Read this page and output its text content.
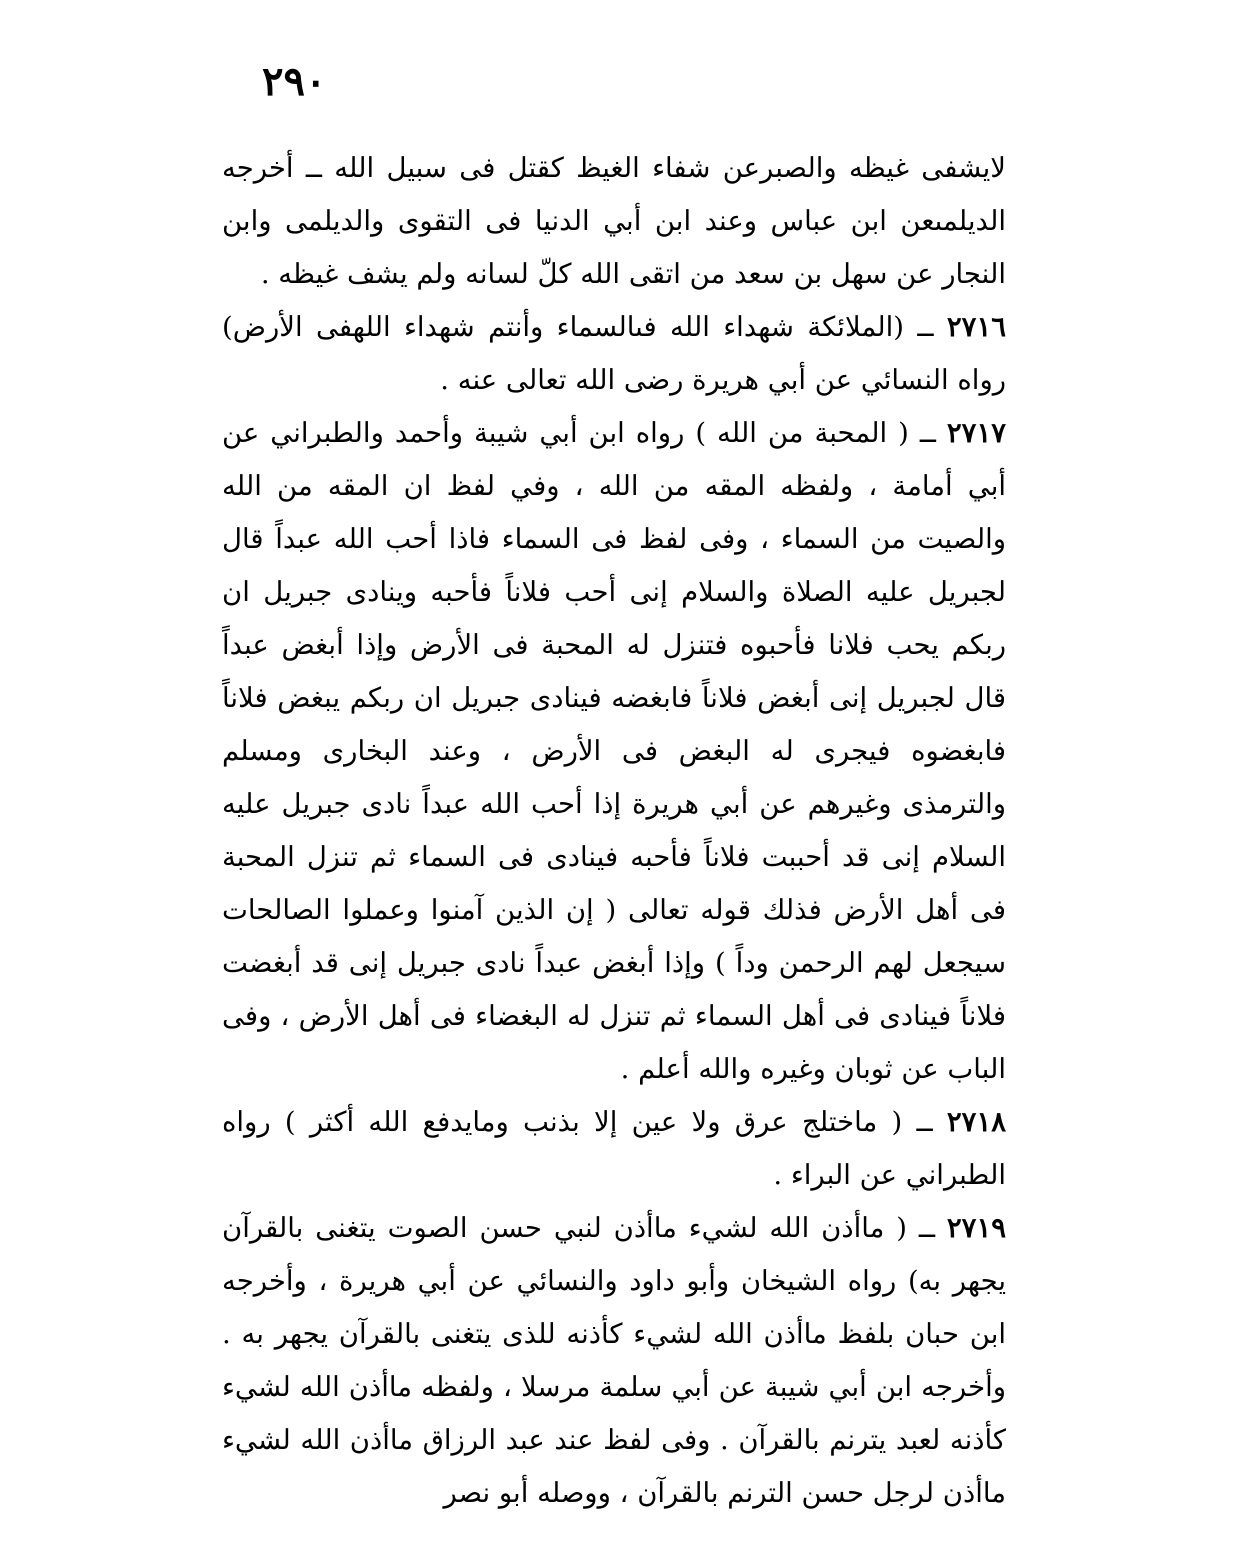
٢٩٠

لايشفى غيظه والصبرعن شفاء الغيظ كقتل فى سبيل الله ــ أخرجه الديلمىعن ابن عباس وعند ابن أبي الدنيا فى التقوى والديلمى وابن النجار عن سهل بن سعد من اتقى الله كلّ لسانه ولم يشف غيظه .

٢٧١٦ ــ (الملائكة شهداء الله فىالسماء وأنتم شهداء اللهفى الأرض) رواه النسائي عن أبي هريرة رضى الله تعالى عنه .

٢٧١٧ ــ ( المحبة من الله ) رواه ابن أبي شيبة وأحمد والطبراني عن أبي أمامة ، ولفظه المقه من الله ، وفي لفظ ان المقه من الله والصيت من السماء ، وفى لفظ فى السماء فاذا أحب الله عبداً قال لجبريل عليه الصلاة والسلام إنى أحب فلاناً فأحبه وينادى جبريل ان ربكم يحب فلانا فأحبوه فتنزل له المحبة فى الأرض وإذا أبغض عبداً قال لجبريل إنى أبغض فلاناً فابغضه فينادى جبريل ان ربكم يبغض فلاناً فابغضوه فيجرى له البغض فى الأرض ، وعند البخارى ومسلم والترمذى وغيرهم عن أبي هريرة إذا أحب الله عبداً نادى جبريل عليه السلام إنى قد أحببت فلاناً فأحبه فينادى فى السماء ثم تنزل المحبة فى أهل الأرض فذلك قوله تعالى ( إن الذين آمنوا وعملوا الصالحات سيجعل لهم الرحمن وداً ) وإذا أبغض عبداً نادى جبريل إنى قد أبغضت فلاناً فينادى فى أهل السماء ثم تنزل له البغضاء فى أهل الأرض ، وفى الباب عن ثوبان وغيره والله أعلم .

٢٧١٨ ــ ( ماختلج عرق ولا عين إلا بذنب ومايدفع الله أكثر ) رواه الطبراني عن البراء .

٢٧١٩ ــ ( ماأذن الله لشيء ماأذن لنبي حسن الصوت يتغنى بالقرآن يجهر به) رواه الشيخان وأبو داود والنسائي عن أبي هريرة ، وأخرجه ابن حبان بلفظ ماأذن الله لشيء كأذنه للذى يتغنى بالقرآن يجهر به . وأخرجه ابن أبي شيبة عن أبي سلمة مرسلا ، ولفظه ماأذن الله لشيء كأذنه لعبد يترنم بالقرآن . وفى لفظ عند عبد الرزاق ماأذن الله لشيء ماأذن لرجل حسن الترنم بالقرآن ، ووصله أبو نصر
